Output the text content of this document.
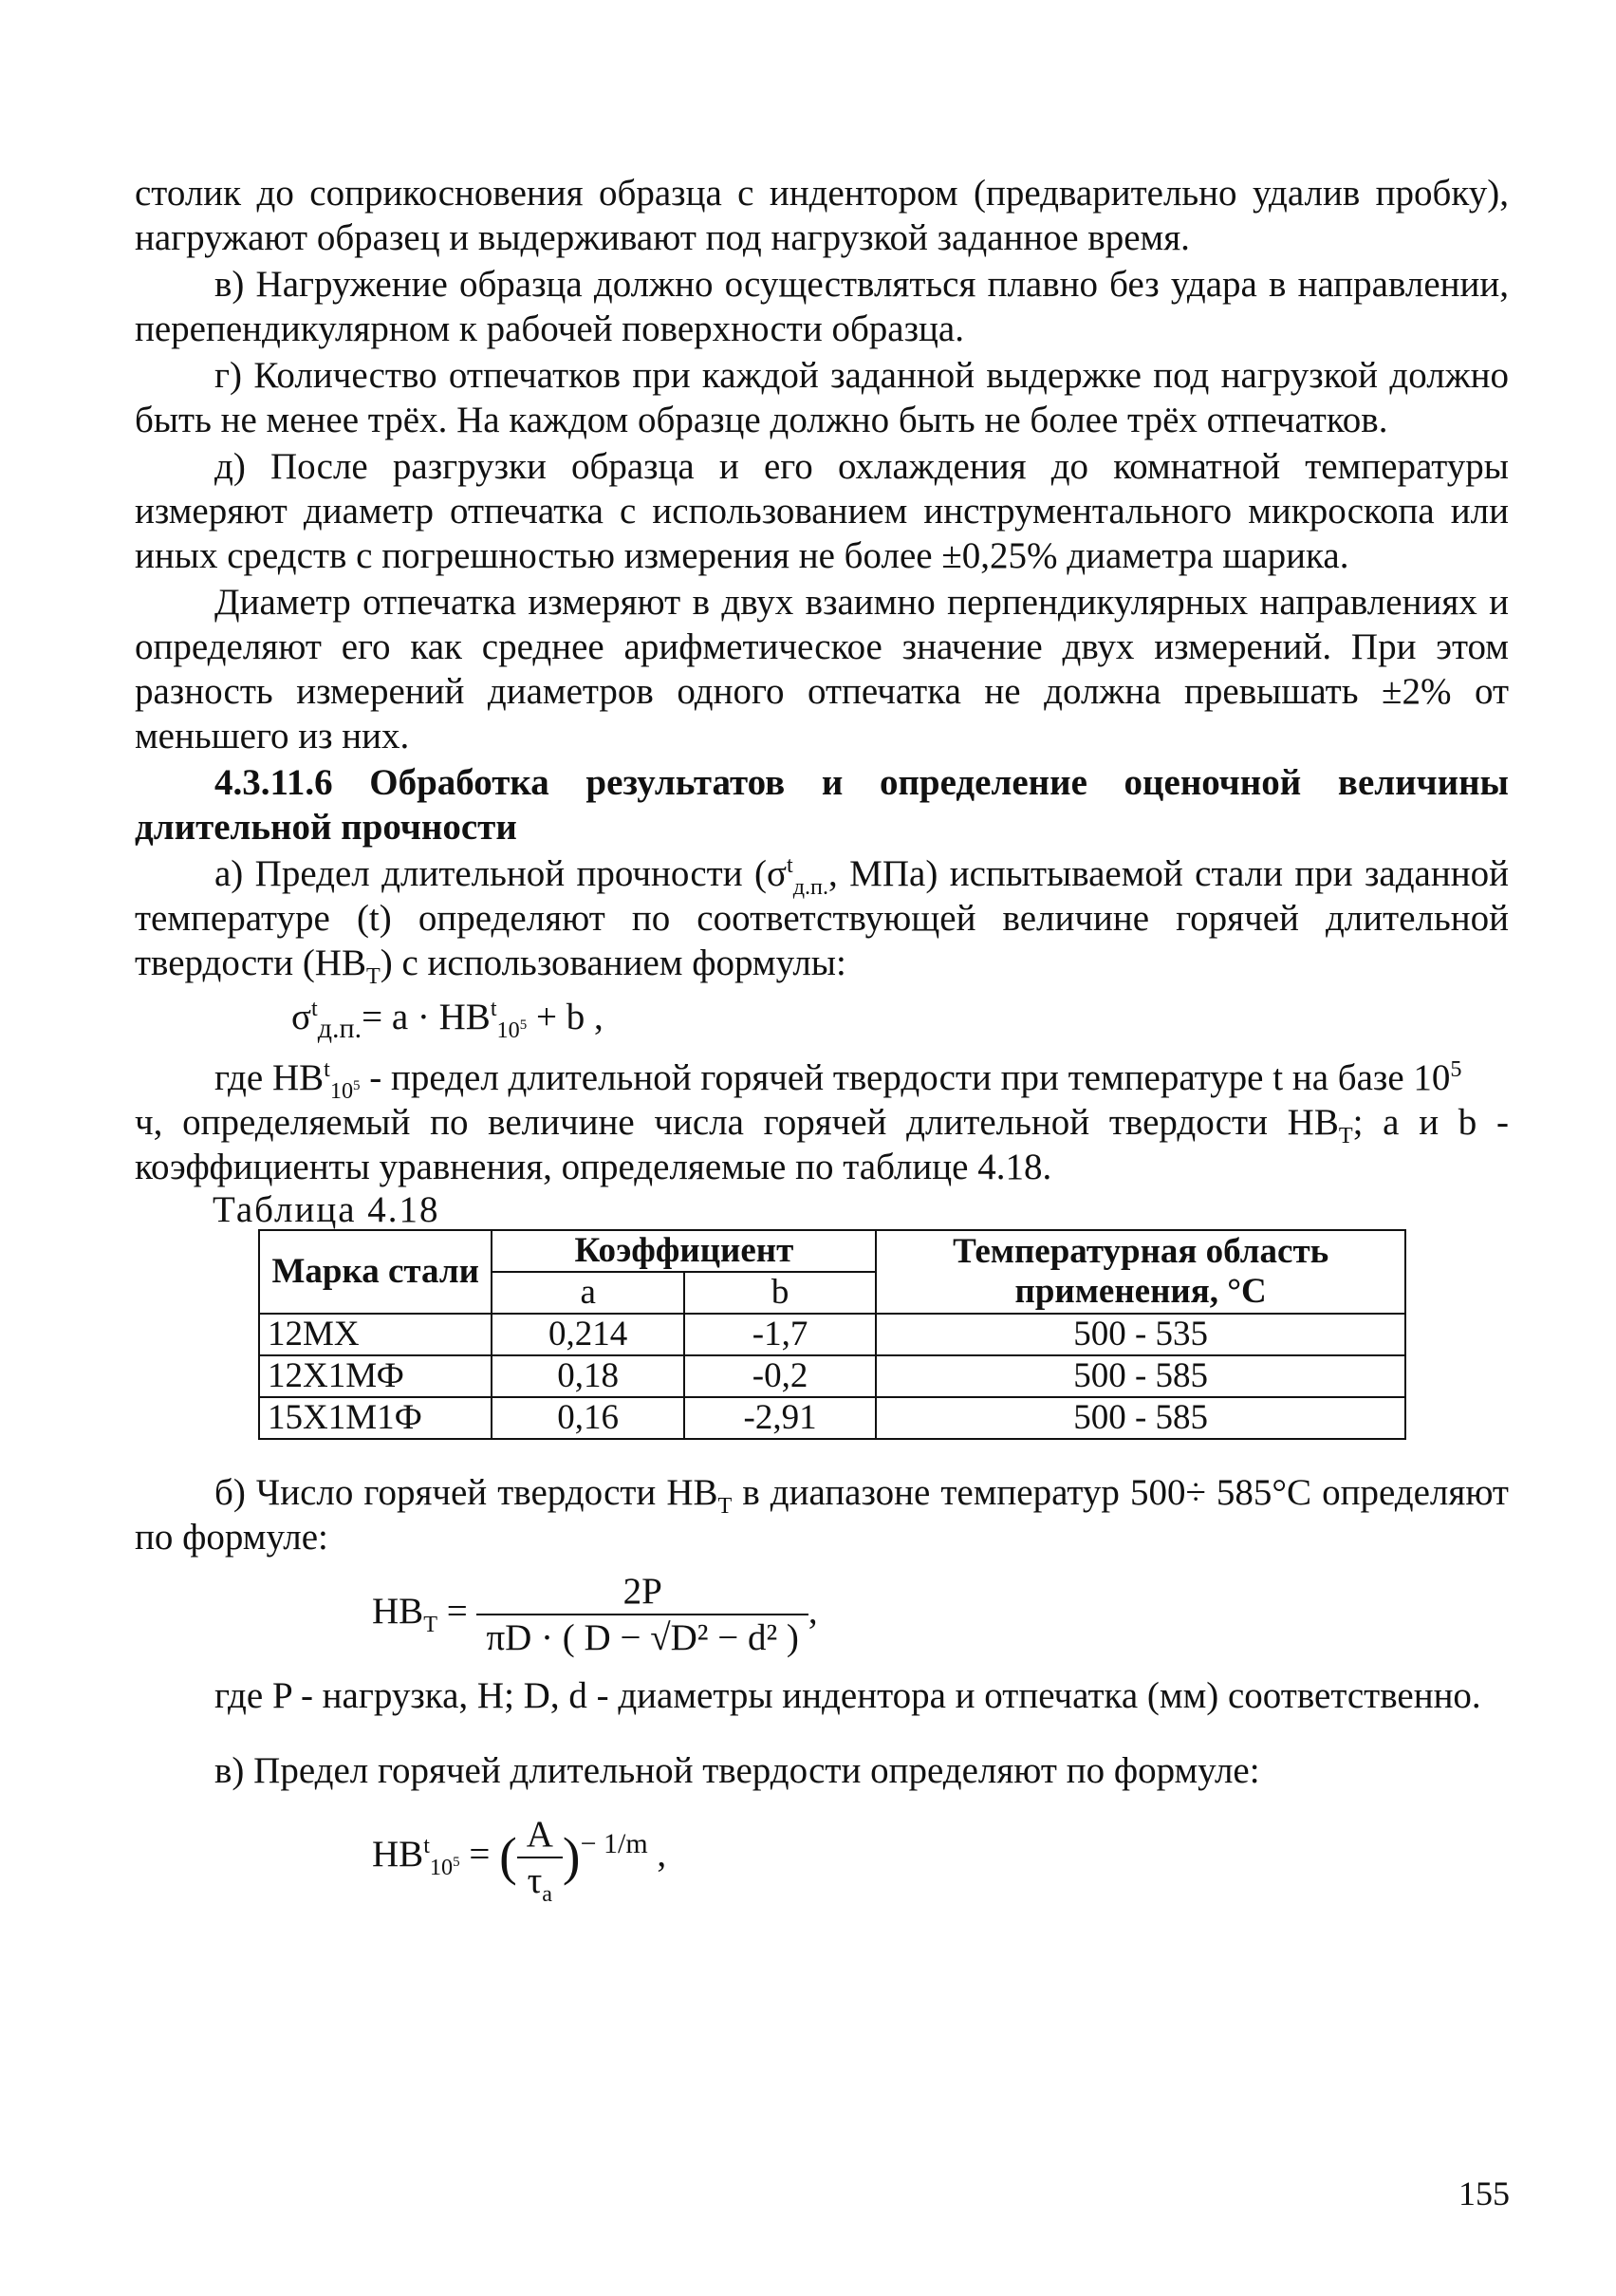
столик до соприкосновения образца с индентором (предварительно удалив пробку), нагружают образец и выдерживают под нагрузкой заданное время.

в) Нагружение образца должно осуществляться плавно без удара в направлении, перепендикулярном к рабочей поверхности образца.

г) Количество отпечатков при каждой заданной выдержке под нагрузкой должно быть не менее трёх. На каждом образце должно быть не более трёх отпечатков.

д) После разгрузки образца и его охлаждения до комнатной температуры измеряют диаметр отпечатка с использованием инструментального микроскопа или иных средств с погрешностью измерения не более ±0,25% диаметра шарика.

Диаметр отпечатка измеряют в двух взаимно перпендикулярных направлениях и определяют его как среднее арифметическое значение двух измерений. При этом разность измерений диаметров одного отпечатка не должна превышать ±2% от меньшего из них.

4.3.11.6 Обработка результатов и определение оценочной величины длительной прочности

а) Предел длительной прочности ($\sigma^t_{д.п.}$, МПа) испытываемой стали при заданной температуре (t) определяют по соответствующей величине горячей длительной твердости $(HB_T)$ с использованием формулы:

$\sigma^t_{д.п.}= a \cdot HB^t_{10^5} + b$ ,

где $HB^t_{10^5}$ - предел длительной горячей твердости при температуре t на базе $10^5$

ч, определяемый по величине числа горячей длительной твердости $HB_T$; a и b - коэффициенты уравнения, определяемые по таблице 4.18.

Таблица 4.18

Марка стали	Коэффициент		Температурная область применения, °С
	a	b	
12МХ	0,214	-1,7	500 - 535
12Х1МФ	0,18	-0,2	500 - 585
15Х1М1Ф	0,16	-2,91	500 - 585

б) Число горячей твердости $HB_T$ в диапазоне температур 500÷ 585°С определяют по формуле:

$HB_T = \frac{2P}{\text{πD · ( D − √D² − d² )}}$ ,

где P - нагрузка, Н; D, d - диаметры индентора и отпечатка (мм) соответственно.

в) Предел горячей длительной твердости определяют по формуле:

$HB^t_{10^5}$ = ( $\frac{A}{\tau_a} )^{- 1/m}$ ,
155
